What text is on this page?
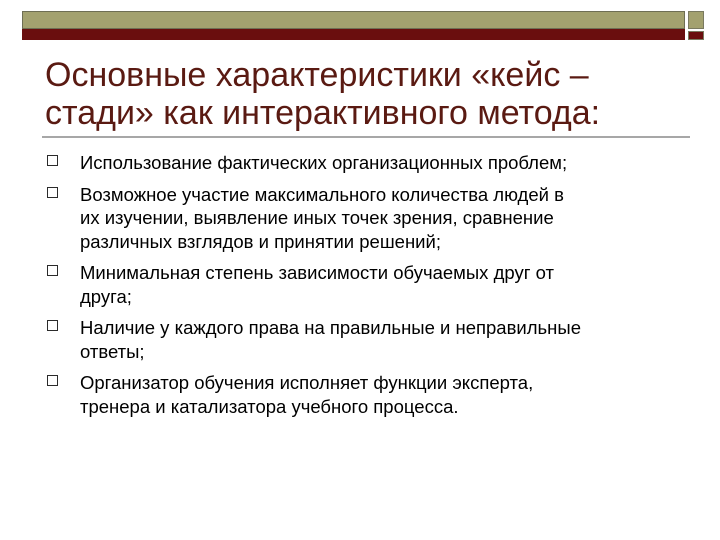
Основные характеристики «кейс – стади» как интерактивного метода:
Использование фактических организационных проблем;
Возможное участие максимального количества людей в
их изучении, выявление иных точек зрения, сравнение
различных взглядов и принятии решений;
Минимальная степень зависимости обучаемых друг от
друга;
Наличие у каждого права на правильные и неправильные
ответы;
Организатор обучения исполняет функции эксперта,
тренера и катализатора учебного процесса.
